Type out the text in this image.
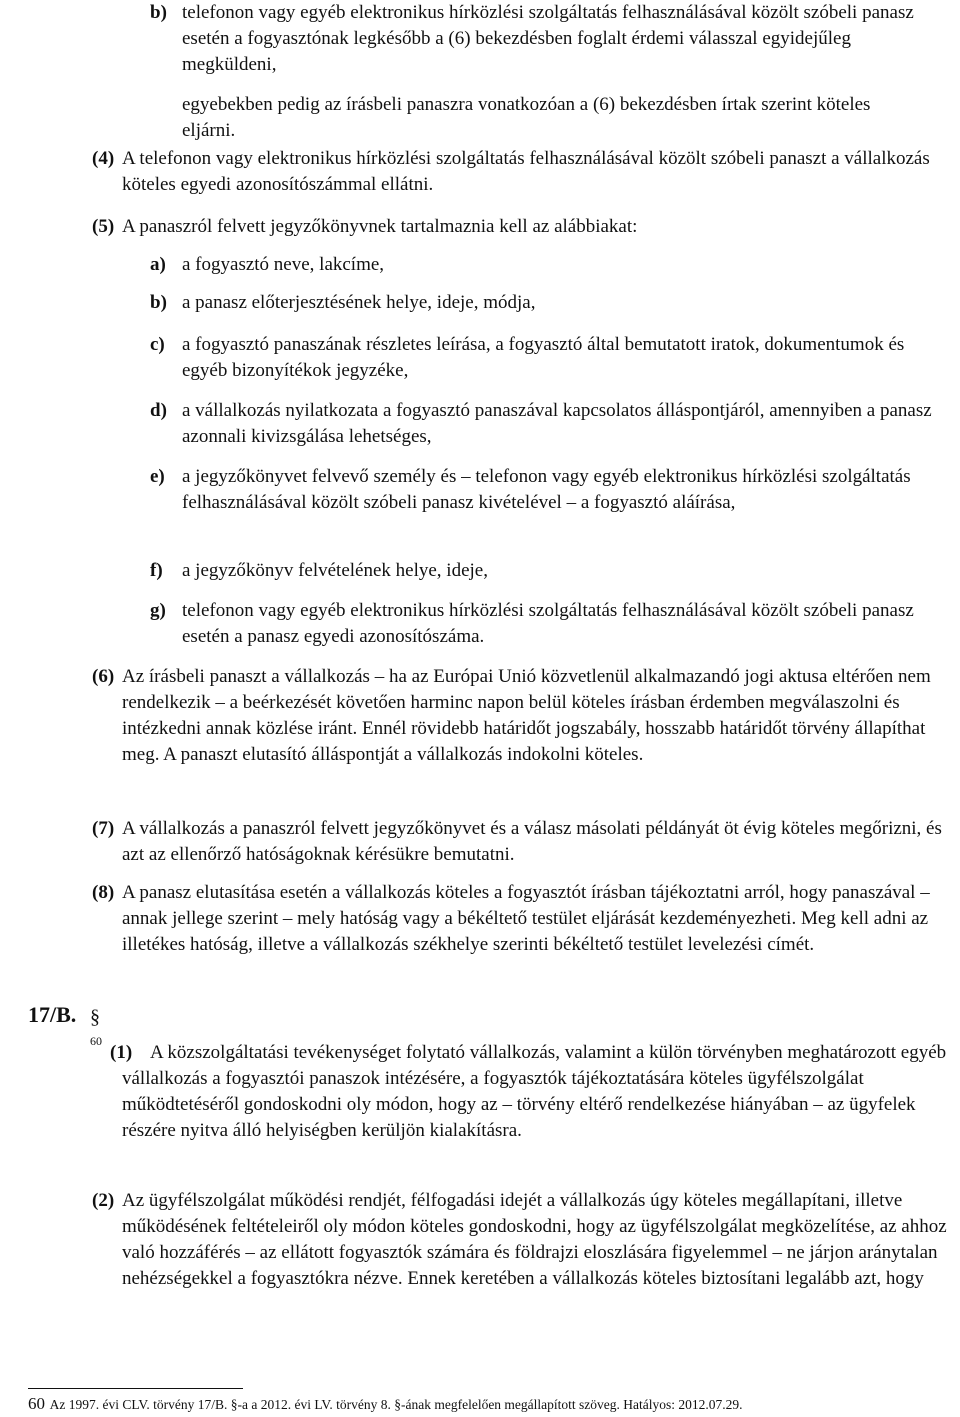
b) telefonon vagy egyéb elektronikus hírközlési szolgáltatás felhasználásával közölt szóbeli panasz esetén a fogyasztónak legkésőbb a (6) bekezdésben foglalt érdemi válasszal egyidejűleg megküldeni,

egyebekben pedig az írásbeli panaszra vonatkozóan a (6) bekezdésben írtak szerint köteles eljárni.

(4) A telefonon vagy elektronikus hírközlési szolgáltatás felhasználásával közölt szóbeli panaszt a vállalkozás köteles egyedi azonosítószámmal ellátni.
(5) A panaszról felvett jegyzőkönyvnek tartalmaznia kell az alábbiakat:
a) a fogyasztó neve, lakcíme,
b) a panasz előterjesztésének helye, ideje, módja,
c) a fogyasztó panaszának részletes leírása, a fogyasztó által bemutatott iratok, dokumentumok és egyéb bizonyítékok jegyzéke,
d) a vállalkozás nyilatkozata a fogyasztó panaszával kapcsolatos álláspontjáról, amennyiben a panasz azonnali kivizsgálása lehetséges,
e) a jegyzőkönyvet felvevő személy és – telefonon vagy egyéb elektronikus hírközlési szolgáltatás felhasználásával közölt szóbeli panasz kivételével – a fogyasztó aláírása,
f) a jegyzőkönyv felvételének helye, ideje,
g) telefonon vagy egyéb elektronikus hírközlési szolgáltatás felhasználásával közölt szóbeli panasz esetén a panasz egyedi azonosítószáma.
(6) Az írásbeli panaszt a vállalkozás – ha az Európai Unió közvetlenül alkalmazandó jogi aktusa eltérően nem rendelkezik – a beérkezését követően harminc napon belül köteles írásban érdemben megválaszolni és intézkedni annak közlése iránt. Ennél rövidebb határidőt jogszabály, hosszabb határidőt törvény állapíthat meg. A panaszt elutasító álláspontját a vállalkozás indokolni köteles.
(7) A vállalkozás a panaszról felvett jegyzőkönyvet és a válasz másolati példányát öt évig köteles megőrizni, és azt az ellenőrző hatóságoknak kérésükre bemutatni.
(8) A panasz elutasítása esetén a vállalkozás köteles a fogyasztót írásban tájékoztatni arról, hogy panaszával – annak jellege szerint – mely hatóság vagy a békéltető testület eljárását kezdeményezheti. Meg kell adni az illetékes hatóság, illetve a vállalkozás székhelye szerinti békéltető testület levelezési címét.
17/B. §
60
(1) A közszolgáltatási tevékenységet folytató vállalkozás, valamint a külön törvényben meghatározott egyéb vállalkozás a fogyasztói panaszok intézésére, a fogyasztók tájékoztatására köteles ügyfélszolgálat működtetéséről gondoskodni oly módon, hogy az – törvény eltérő rendelkezése hiányában – az ügyfelek részére nyitva álló helyiségben kerüljön kialakításra.
(2) Az ügyfélszolgálat működési rendjét, félfogadási idejét a vállalkozás úgy köteles megállapítani, illetve működésének feltételeiről oly módon köteles gondoskodni, hogy az ügyfélszolgálat megközelítése, az ahhoz való hozzáférés – az ellátott fogyasztók számára és földrajzi eloszlására figyelemmel – ne járjon aránytalan nehézségekkel a fogyasztókra nézve. Ennek keretében a vállalkozás köteles biztosítani legalább azt, hogy
60 Az 1997. évi CLV. törvény 17/B. §-a a 2012. évi LV. törvény 8. §-ának megfelelően megállapított szöveg. Hatályos: 2012.07.29.
